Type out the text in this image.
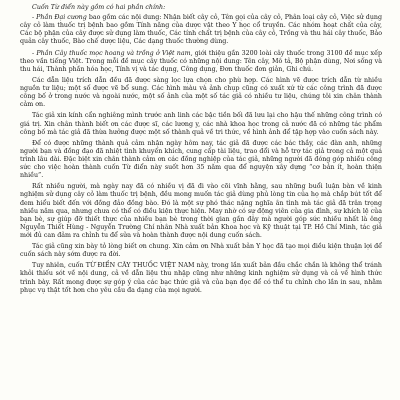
Cuốn Từ điển này gồm có hai phần chính:

- Phần Đại cương bao gồm các nội dung: Nhận biết cây cỏ, Tên gọi của cây cỏ, Phân loại cây cỏ, Việc sử dụng cây cỏ làm thuốc trị bệnh bao gồm Tính năng của dược vật theo Y học cổ truyền. Các nhóm hoạt chất của cây, Các bộ phận của cây được sử dụng làm thuốc, Các tính chất trị bệnh của cây cỏ, Trồng và thu hái cây thuốc, Bảo quản cây thuốc, Bào chế dược liệu, Các dạng thuốc thường dùng.

- Phần Cây thuốc mọc hoang và trồng ở Việt nam, giới thiệu gần 3200 loài cây thuốc trong 3100 đề mục xếp theo vần tiếng Việt. Trong mỗi đề mục cây thuốc có những nội dung: Tên cây, Mô tả, Bộ phận dùng, Nơi sống và thu hái, Thành phần hóa học, Tính vị và tác dụng, Công dụng, Đơn thuốc đơn giản, Ghi chú.

Các dẫn liệu trích dẫn đều đã được sàng lọc lựa chọn cho phù hợp. Các hình vẽ được trích dẫn từ nhiều nguồn tư liệu; một số được vẽ bổ sung. Các hình màu và ảnh chụp cũng có xuất xứ từ các công trình đã được công bố ở trong nước và ngoài nước, một số ảnh của một số tác giả có nhiều tư liệu, chúng tôi xin chân thành cảm ơn.

Tác giả xin kính cẩn nghiêng mình trước anh linh các bậc tiền bối đã lưu lại cho hậu thế những công trình có giá trị. Xin chân thành biết ơn các được sĩ, các lương y, các nhà khoa học trong cả nước đã có những tác phẩm công bố mà tác giả đã thừa hưởng được một số thành quả về tri thức, về hình ảnh để tập hợp vào cuốn sách này.

Để có được những thành quả cảm nhận ngày hôm nay, tác giả đã được các bác thầy, các đàn anh, những người bạn và đồng đạo đã nhiệt tình khuyến khích, cung cấp tài liệu, trao đổi và hỗ trợ tác giả trong cả một quá trình lâu dài. Đặc biệt xin chân thành cảm ơn các đồng nghiệp của tác giả, những người đã đóng góp nhiều công sức cho việc hoàn thành cuốn Từ điển này suốt hơn 35 năm qua để nguyện xây dựng “cơ bản ít, hoàn thiện nhiều”.

Rất nhiều người, mà ngày nay đã có nhiều vị đã đi vào cõi vĩnh hằng, sau những buổi luận bàn về kinh nghiệm sử dụng cây cỏ làm thuốc trị bệnh, đều mong muốn tác giả dùng phủ lòng tin của họ mà chắp bút tốt để đem hiểu biết đến với đồng đảo đồng bào. Đó là một sự phó thác nặng nghĩa ân tình mà tác giả đã trân trọng nhiều năm qua, nhưng chưa có thể có điều kiện thực hiện. May nhờ có sự động viên của gia đình, sự khích lệ của bạn bè, sự giúp đỡ thiết thực của nhiều bạn bè trong thời gian gần đây mà người góp sức nhiều nhất là ông Nguyễn Thiết Hùng - Nguyễn Trường Chí nhân Nhà xuất bản Khoa học và Kỹ thuật tại TP. Hồ Chí Minh, tác giả mới đủ can đảm ra chỉnh tu để sửa và hoàn thành được nội dung cuốn sách.

Tác giả cũng xin bày tỏ lòng biết ơn chung. Xin cảm ơn Nhà xuất bản Y học đã tạo mọi điều kiện thuận lợi để cuốn sách này sớm được ra đời.

Tuy nhiên, cuốn TỪ ĐIỂN CÂY THUỐC VIỆT NAM này, trong lần xuất bản đầu chắc chắn là không thể tránh khỏi thiếu sót về nội dung, cả về dẫn liệu thu nhập cũng như những kinh nghiệm sử dụng và cả về hình thức trình bày. Rất mong được sự góp ý của các bạc thức giả và của bạn đọc để có thể tu chỉnh cho lần in sau, nhằm phục vụ thật tốt hơn cho yêu cầu đa dạng của mọi người.
